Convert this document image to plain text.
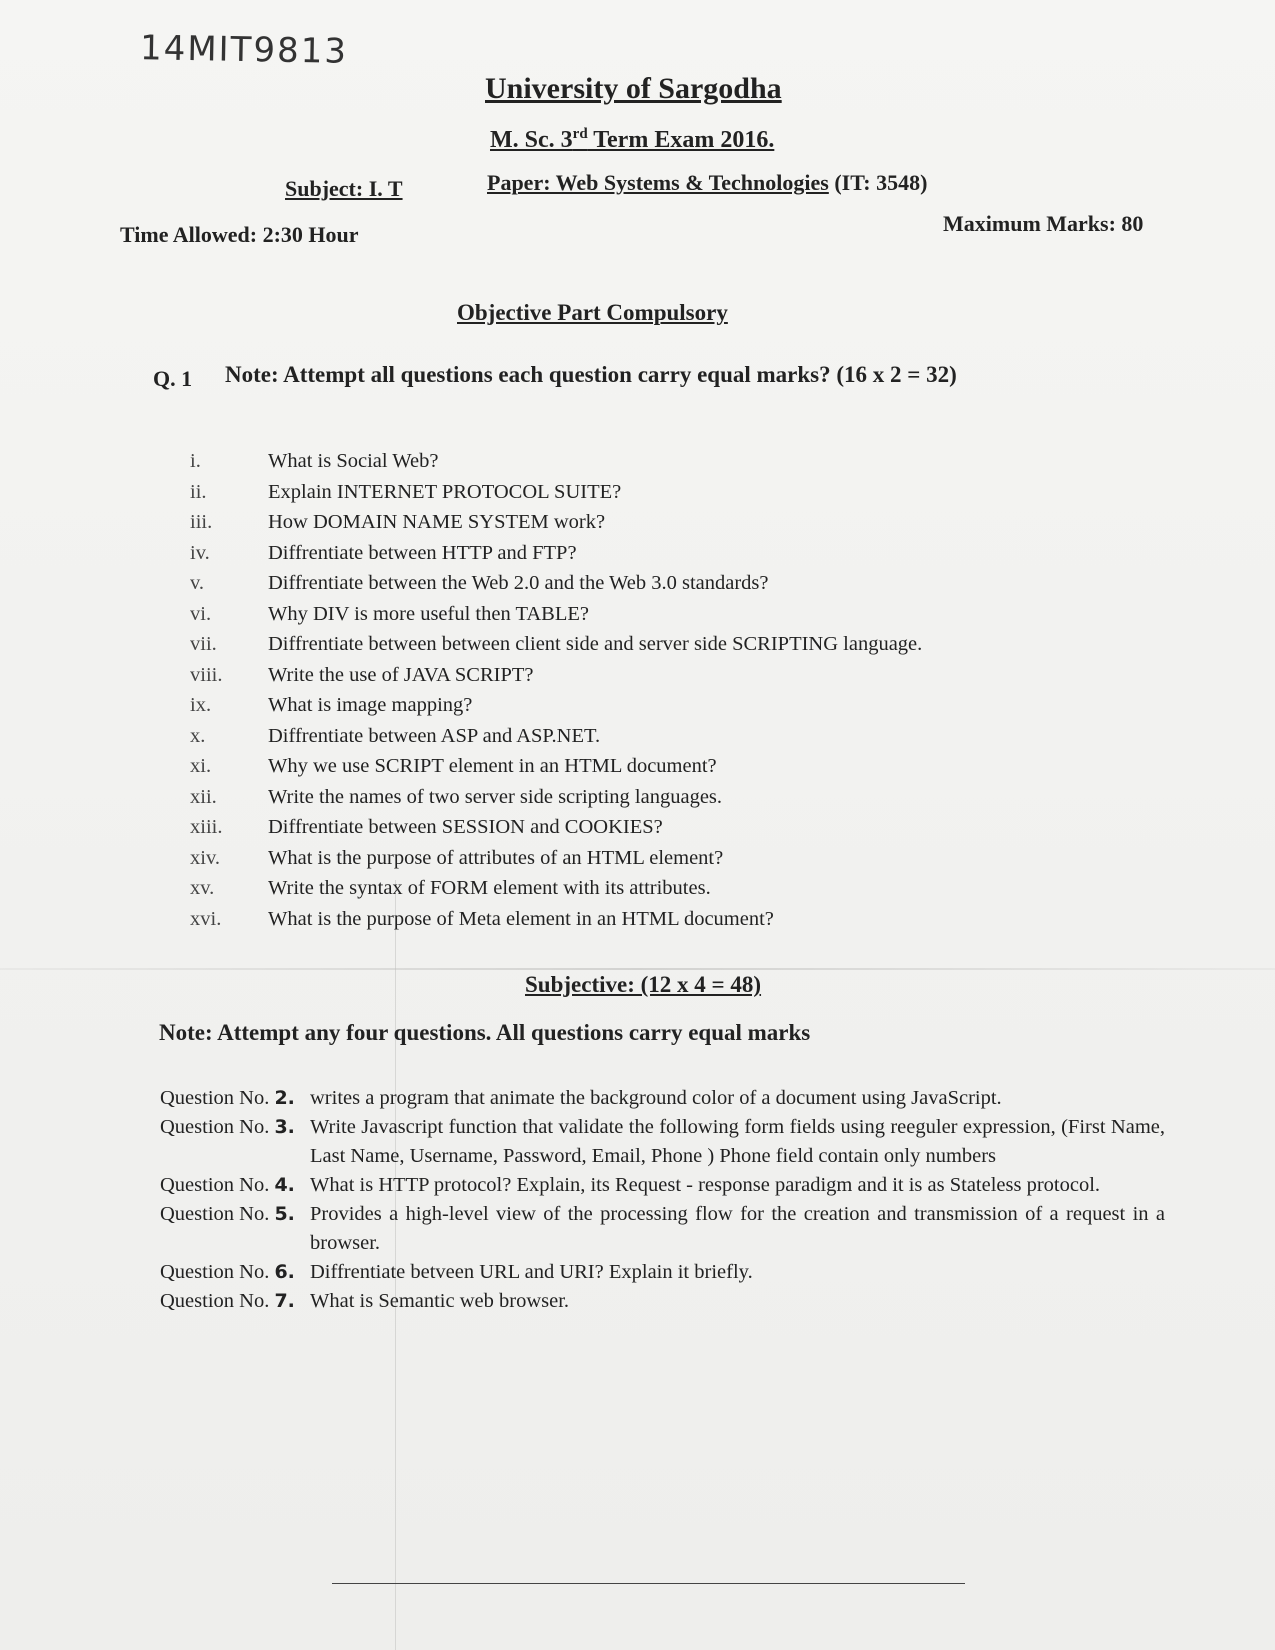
14MIT9813
University of Sargodha
M. Sc. 3rd Term Exam 2016.
Subject: I. T	Paper: Web Systems & Technologies (IT: 3548)
Time Allowed: 2:30 Hour	Maximum Marks: 80
Objective Part Compulsory
Q. 1 Note: Attempt all questions each question carry equal marks? (16 x 2 = 32)
i.	What is Social Web?
ii.	Explain INTERNET PROTOCOL SUITE?
iii.	How DOMAIN NAME SYSTEM work?
iv.	Diffrentiate between HTTP and FTP?
v.	Diffrentiate between the Web 2.0 and the Web 3.0 standards?
vi.	Why DIV is more useful then TABLE?
vii.	Diffrentiate between between client side and server side SCRIPTING language.
viii.	Write the use of JAVA SCRIPT?
ix.	What is image mapping?
x.	Diffrentiate between ASP and ASP.NET.
xi.	Why we use SCRIPT element in an HTML document?
xii.	Write the names of two server side scripting languages.
xiii.	Diffrentiate between SESSION and COOKIES?
xiv.	What is the purpose of attributes of an HTML element?
xv.	Write the syntax of FORM element with its attributes.
xvi.	What is the purpose of Meta element in an HTML document?
Subjective: (12 x 4 = 48)
Note: Attempt any four questions. All questions carry equal marks
Question No. 2. writes a program that animate the background color of a document using JavaScript.
Question No. 3. Write Javascript function that validate the following form fields using reeguler expression, (First Name, Last Name, Username, Password, Email, Phone ) Phone field contain only numbers
Question No. 4. What is HTTP protocol? Explain, its Request - response paradigm and it is as Stateless protocol.
Question No. 5. Provides a high-level view of the processing flow for the creation and transmission of a request in a browser.
Question No. 6. Diffrentiate betveen URL and URI? Explain it briefly.
Question No. 7. What is Semantic web browser.
